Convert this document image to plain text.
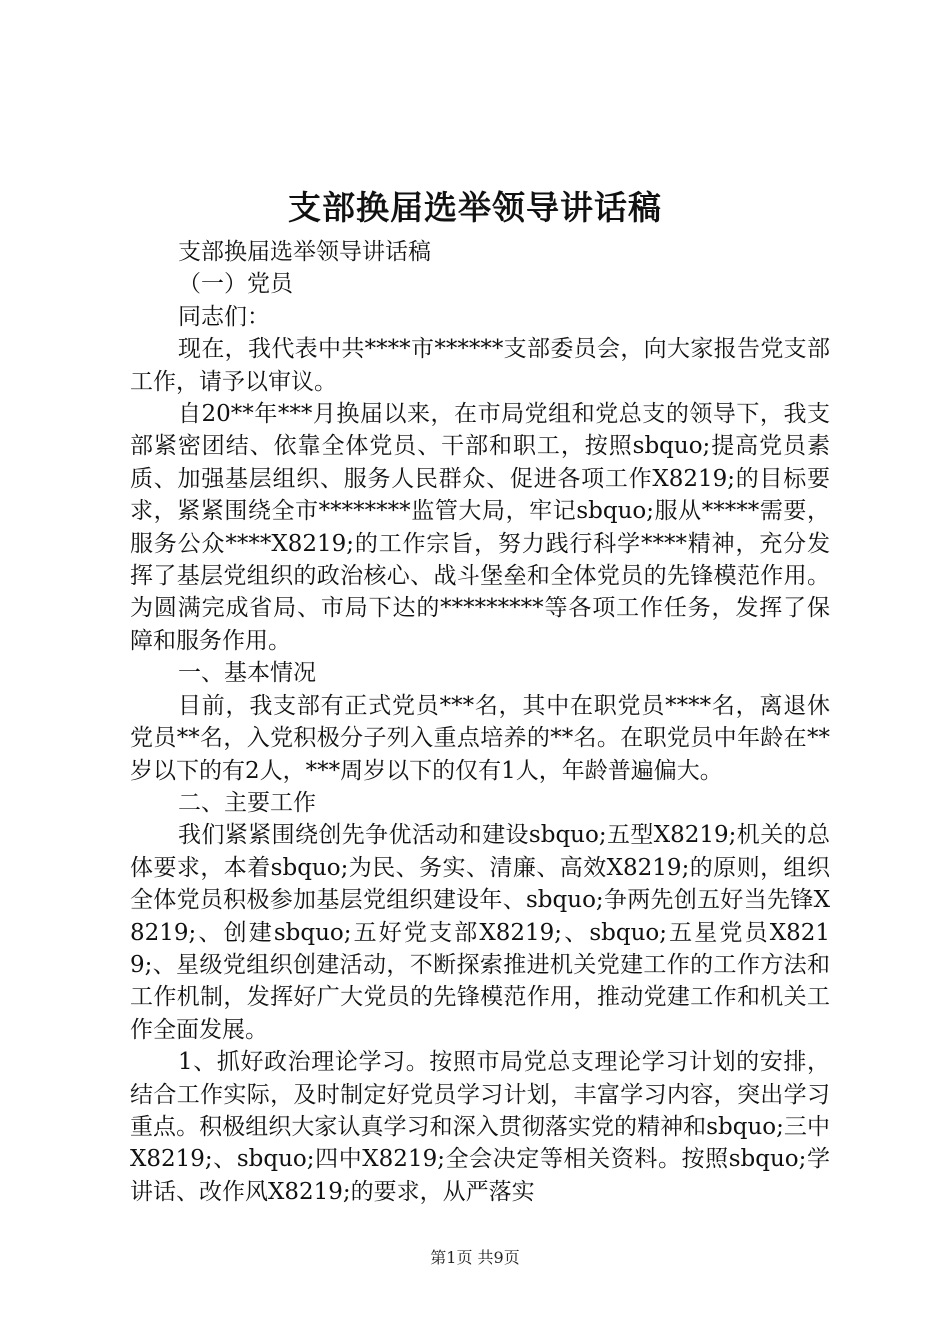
支部换届选举领导讲话稿

支部换届选举领导讲话稿

（一）党员

同志们：

现在，我代表中共****市******支部委员会，向大家报告党支部工作，请予以审议。

自20**年***月换届以来，在市局党组和党总支的领导下，我支部紧密团结、依靠全体党员、干部和职工，按照sbquo;提高党员素质、加强基层组织、服务人民群众、促进各项工作X8219;的目标要求，紧紧围绕全市********监管大局，牢记sbquo;服从*****需要，服务公众****X8219;的工作宗旨，努力践行科学****精神，充分发挥了基层党组织的政治核心、战斗堡垒和全体党员的先锋模范作用。为圆满完成省局、市局下达的*********等各项工作任务，发挥了保障和服务作用。

一、基本情况

目前，我支部有正式党员***名，其中在职党员****名，离退休党员**名，入党积极分子列入重点培养的**名。在职党员中年龄在**岁以下的有2人，***周岁以下的仅有1人，年龄普遍偏大。

二、主要工作

我们紧紧围绕创先争优活动和建设sbquo;五型X8219;机关的总体要求，本着sbquo;为民、务实、清廉、高效X8219;的原则，组织全体党员积极参加基层党组织建设年、sbquo;争两先创五好当先锋X8219;、创建sbquo;五好党支部X8219;、sbquo;五星党员X8219;、星级党组织创建活动，不断探索推进机关党建工作的工作方法和工作机制，发挥好广大党员的先锋模范作用，推动党建工作和机关工作全面发展。

1、抓好政治理论学习。按照市局党总支理论学习计划的安排，结合工作实际，及时制定好党员学习计划，丰富学习内容，突出学习重点。积极组织大家认真学习和深入贯彻落实党的精神和sbquo;三中X8219;、sbquo;四中X8219;全会决定等相关资料。按照sbquo;学讲话、改作风X8219;的要求，从严落实

第1页 共9页
